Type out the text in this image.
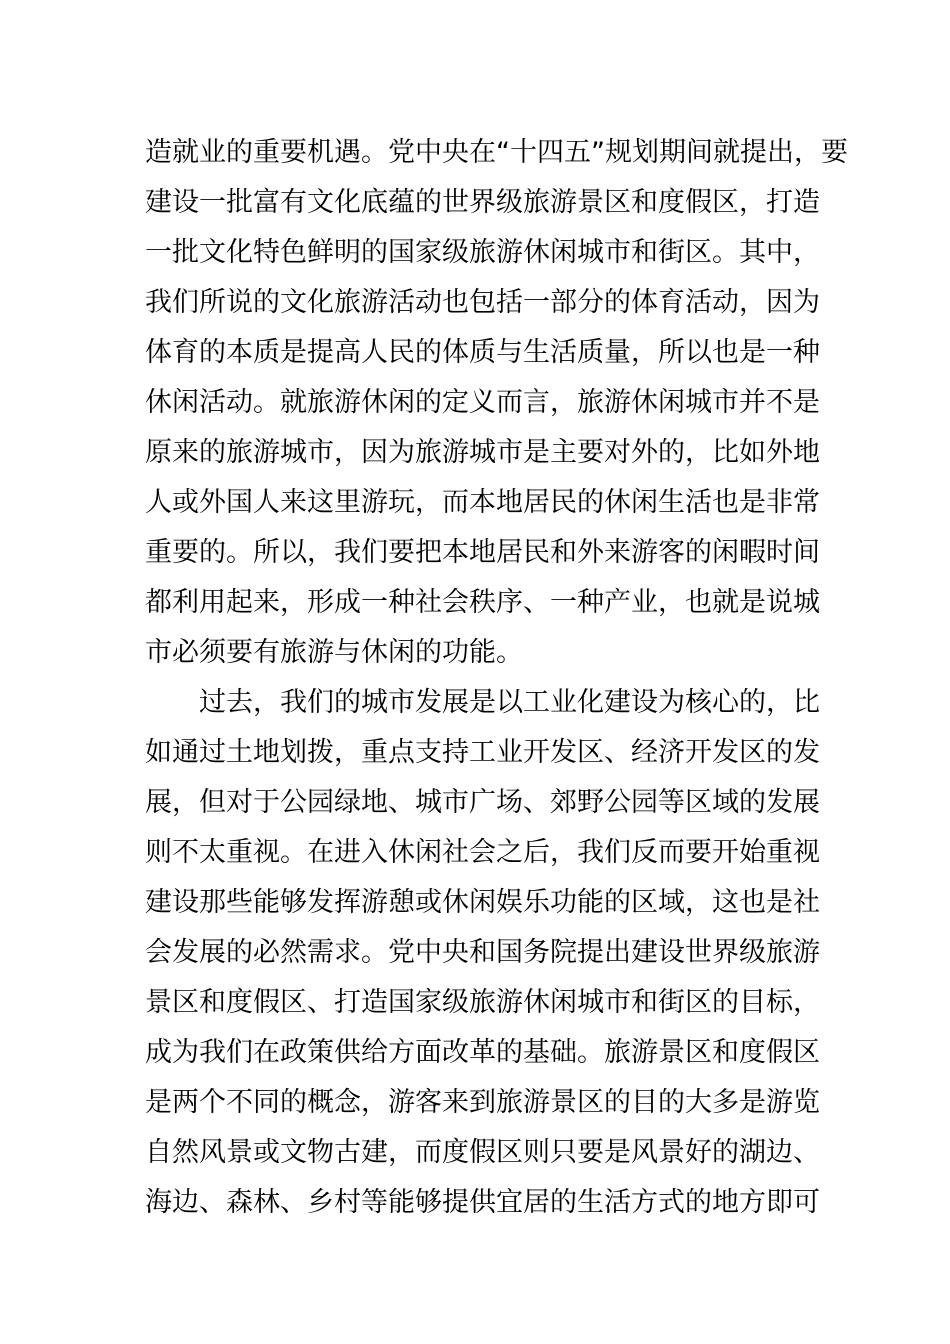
造就业的重要机遇。党中央在“十四五”规划期间就提出，要
建设一批富有文化底蕴的世界级旅游景区和度假区，打造
一批文化特色鲜明的国家级旅游休闲城市和街区。其中，
我们所说的文化旅游活动也包括一部分的体育活动，因为
体育的本质是提高人民的体质与生活质量，所以也是一种
休闲活动。就旅游休闲的定义而言，旅游休闲城市并不是
原来的旅游城市，因为旅游城市是主要对外的，比如外地
人或外国人来这里游玩，而本地居民的休闲生活也是非常
重要的。所以，我们要把本地居民和外来游客的闲暇时间
都利用起来，形成一种社会秩序、一种产业，也就是说城
市必须要有旅游与休闲的功能。
过去，我们的城市发展是以工业化建设为核心的，比
如通过土地划拨，重点支持工业开发区、经济开发区的发
展，但对于公园绿地、城市广场、郊野公园等区域的发展
则不太重视。在进入休闲社会之后，我们反而要开始重视
建设那些能够发挥游憩或休闲娱乐功能的区域，这也是社
会发展的必然需求。党中央和国务院提出建设世界级旅游
景区和度假区、打造国家级旅游休闲城市和街区的目标，
成为我们在政策供给方面改革的基础。旅游景区和度假区
是两个不同的概念，游客来到旅游景区的目的大多是游览
自然风景或文物古建，而度假区则只要是风景好的湖边、
海边、森林、乡村等能够提供宜居的生活方式的地方即可
